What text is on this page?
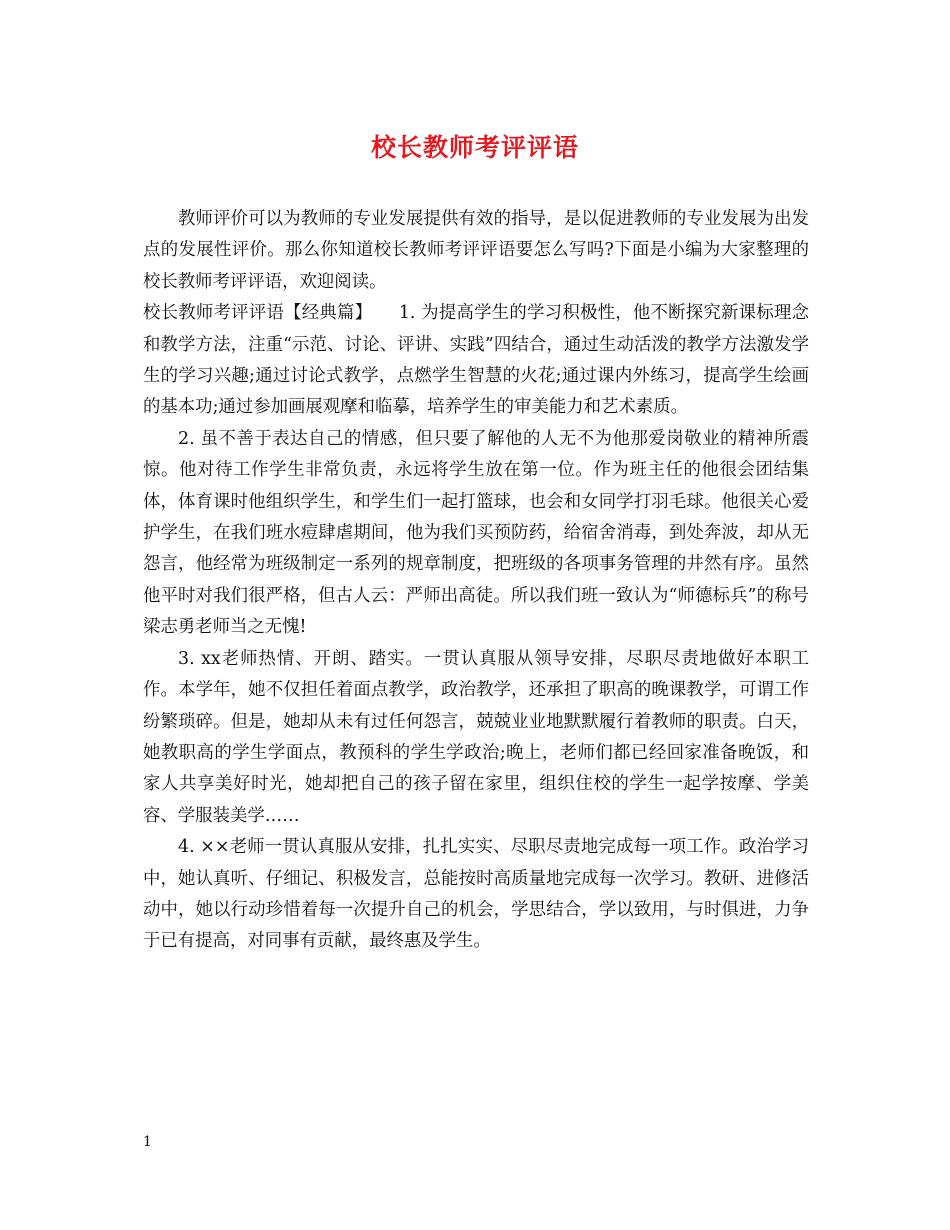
校长教师考评评语

教师评价可以为教师的专业发展提供有效的指导，是以促进教师的专业发展为出发点的发展性评价。那么你知道校长教师考评评语要怎么写吗?下面是小编为大家整理的校长教师考评评语，欢迎阅读。

校长教师考评评语【经典篇】　　1. 为提高学生的学习积极性，他不断探究新课标理念和教学方法，注重“示范、讨论、评讲、实践”四结合，通过生动活泼的教学方法激发学生的学习兴趣;通过讨论式教学，点燃学生智慧的火花;通过课内外练习，提高学生绘画的基本功;通过参加画展观摩和临摹，培养学生的审美能力和艺术素质。

2. 虽不善于表达自己的情感，但只要了解他的人无不为他那爱岗敬业的精神所震惊。他对待工作学生非常负责，永远将学生放在第一位。作为班主任的他很会团结集体，体育课时他组织学生，和学生们一起打篮球，也会和女同学打羽毛球。他很关心爱护学生，在我们班水痘肆虐期间，他为我们买预防药，给宿舍消毒，到处奔波，却从无怨言，他经常为班级制定一系列的规章制度，把班级的各项事务管理的井然有序。虽然他平时对我们很严格，但古人云：严师出高徒。所以我们班一致认为“师德标兵”的称号梁志勇老师当之无愧!

3. xx老师热情、开朗、踏实。一贯认真服从领导安排，尽职尽责地做好本职工作。本学年，她不仅担任着面点教学，政治教学，还承担了职高的晚课教学，可谓工作纷繁琐碎。但是，她却从未有过任何怨言，兢兢业业地默默履行着教师的职责。白天，她教职高的学生学面点，教预科的学生学政治;晚上，老师们都已经回家准备晚饭，和家人共享美好时光，她却把自己的孩子留在家里，组织住校的学生一起学按摩、学美容、学服装美学……

4. ××老师一贯认真服从安排，扎扎实实、尽职尽责地完成每一项工作。政治学习中，她认真听、仔细记、积极发言，总能按时高质量地完成每一次学习。教研、进修活动中，她以行动珍惜着每一次提升自己的机会，学思结合，学以致用，与时俱进，力争于已有提高，对同事有贡献，最终惠及学生。

1
